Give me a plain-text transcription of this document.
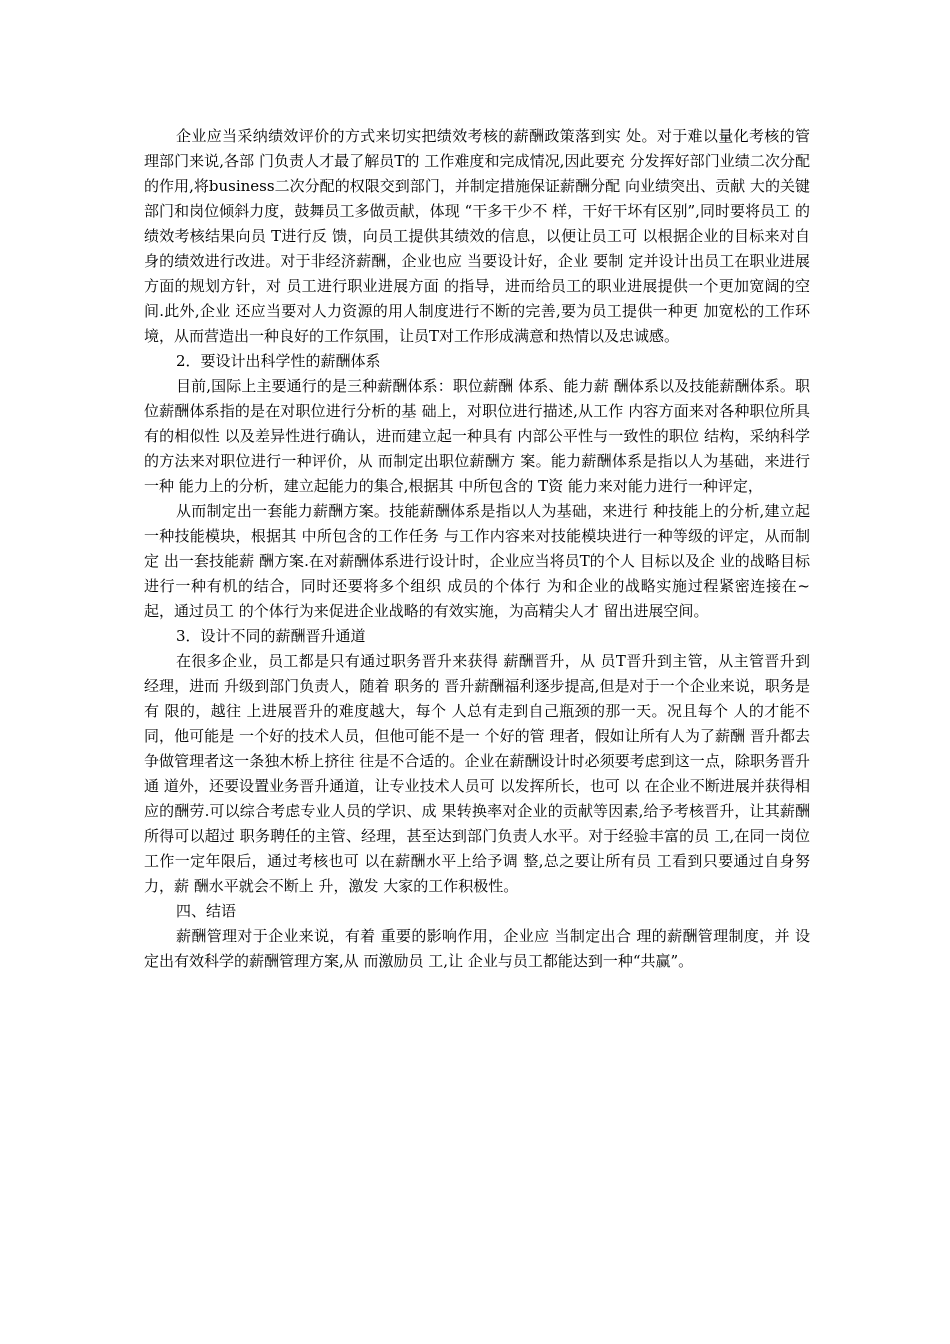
企业应当采纳绩效评价的方式来切实把绩效考核的薪酬政策落到实 处。对于难以量化考核的管理部门来说,各部 门负责人才最了解员T的 工作难度和完成情况,因此要充 分发挥好部门业绩二次分配的作用,将business二次分配的权限交到部门，并制定措施保证薪酬分配 向业绩突出、贡献 大的关键部门和岗位倾斜力度，鼓舞员工多做贡献，体现 “干多干少不 样，干好干坏有区别”,同时要将员工 的绩效考核结果向员 T进行反 馈，向员工提供其绩效的信息，以便让员工可 以根据企业的目标来对自 身的绩效进行改进。对于非经济薪酬，企业也应 当要设计好，企业 要制 定并设计出员工在职业进展方面的规划方针，对 员工进行职业进展方面 的指导，进而给员工的职业进展提供一个更加宽阔的空间.此外,企业 还应当要对人力资源的用人制度进行不断的完善,要为员工提供一种更 加宽松的工作环境，从而营造出一种良好的工作氛围，让员T对工作形成满意和热情以及忠诚感。

2．要设计出科学性的薪酬体系

目前,国际上主要通行的是三种薪酬体系：职位薪酬 体系、能力薪 酬体系以及技能薪酬体系。职位薪酬体系指的是在对职位进行分析的基 础上，对职位进行描述,从工作 内容方面来对各种职位所具有的相似性 以及差异性进行确认，进而建立起一种具有 内部公平性与一致性的职位 结构，采纳科学 的方法来对职位进行一种评价，从 而制定出职位薪酬方 案。能力薪酬体系是指以人为基础，来进行一种 能力上的分析，建立起能力的集合,根据其 中所包含的 T资 能力来对能力进行一种评定，

从而制定出一套能力薪酬方案。技能薪酬体系是指以人为基础，来进行 种技能上的分析,建立起一种技能模块，根据其 中所包含的工作任务 与工作内容来对技能模块进行一种等级的评定，从而制定 出一套技能薪 酬方案.在对薪酬体系进行设计时，企业应当将员T的个人 目标以及企 业的战略目标进行一种有机的结合，同时还要将多个组织 成员的个体行 为和企业的战略实施过程紧密连接在~起，通过员工 的个体行为来促进企业战略的有效实施，为高精尖人才 留出进展空间。

3．设计不同的薪酬晋升通道

在很多企业，员工都是只有通过职务晋升来获得 薪酬晋升，从 员T晋升到主管，从主管晋升到经理，进而 升级到部门负责人，随着 职务的 晋升薪酬福利逐步提高,但是对于一个企业来说，职务是有 限的，越往 上进展晋升的难度越大，每个 人总有走到自己瓶颈的那一天。况且每个 人的才能不同，他可能是 一个好的技术人员，但他可能不是一 个好的管 理者，假如让所有人为了薪酬 晋升都去争做管理者这一条独木桥上挤往 往是不合适的。企业在薪酬设计时必须要考虑到这一点，除职务晋升 通 道外，还要设置业务晋升通道，让专业技术人员可 以发挥所长，也可 以 在企业不断进展并获得相应的酬劳.可以综合考虑专业人员的学识、成 果转换率对企业的贡献等因素,给予考核晋升，让其薪酬所得可以超过 职务聘任的主管、经理，甚至达到部门负责人水平。对于经验丰富的员 工,在同一岗位工作一定年限后，通过考核也可 以在薪酬水平上给予调 整,总之要让所有员 工看到只要通过自身努力，薪 酬水平就会不断上 升，激发 大家的工作积极性。

四、结语

薪酬管理对于企业来说，有着 重要的影响作用，企业应 当制定出合 理的薪酬管理制度，并 设定出有效科学的薪酬管理方案,从 而激励员 工,让 企业与员工都能达到一种“共赢”。
